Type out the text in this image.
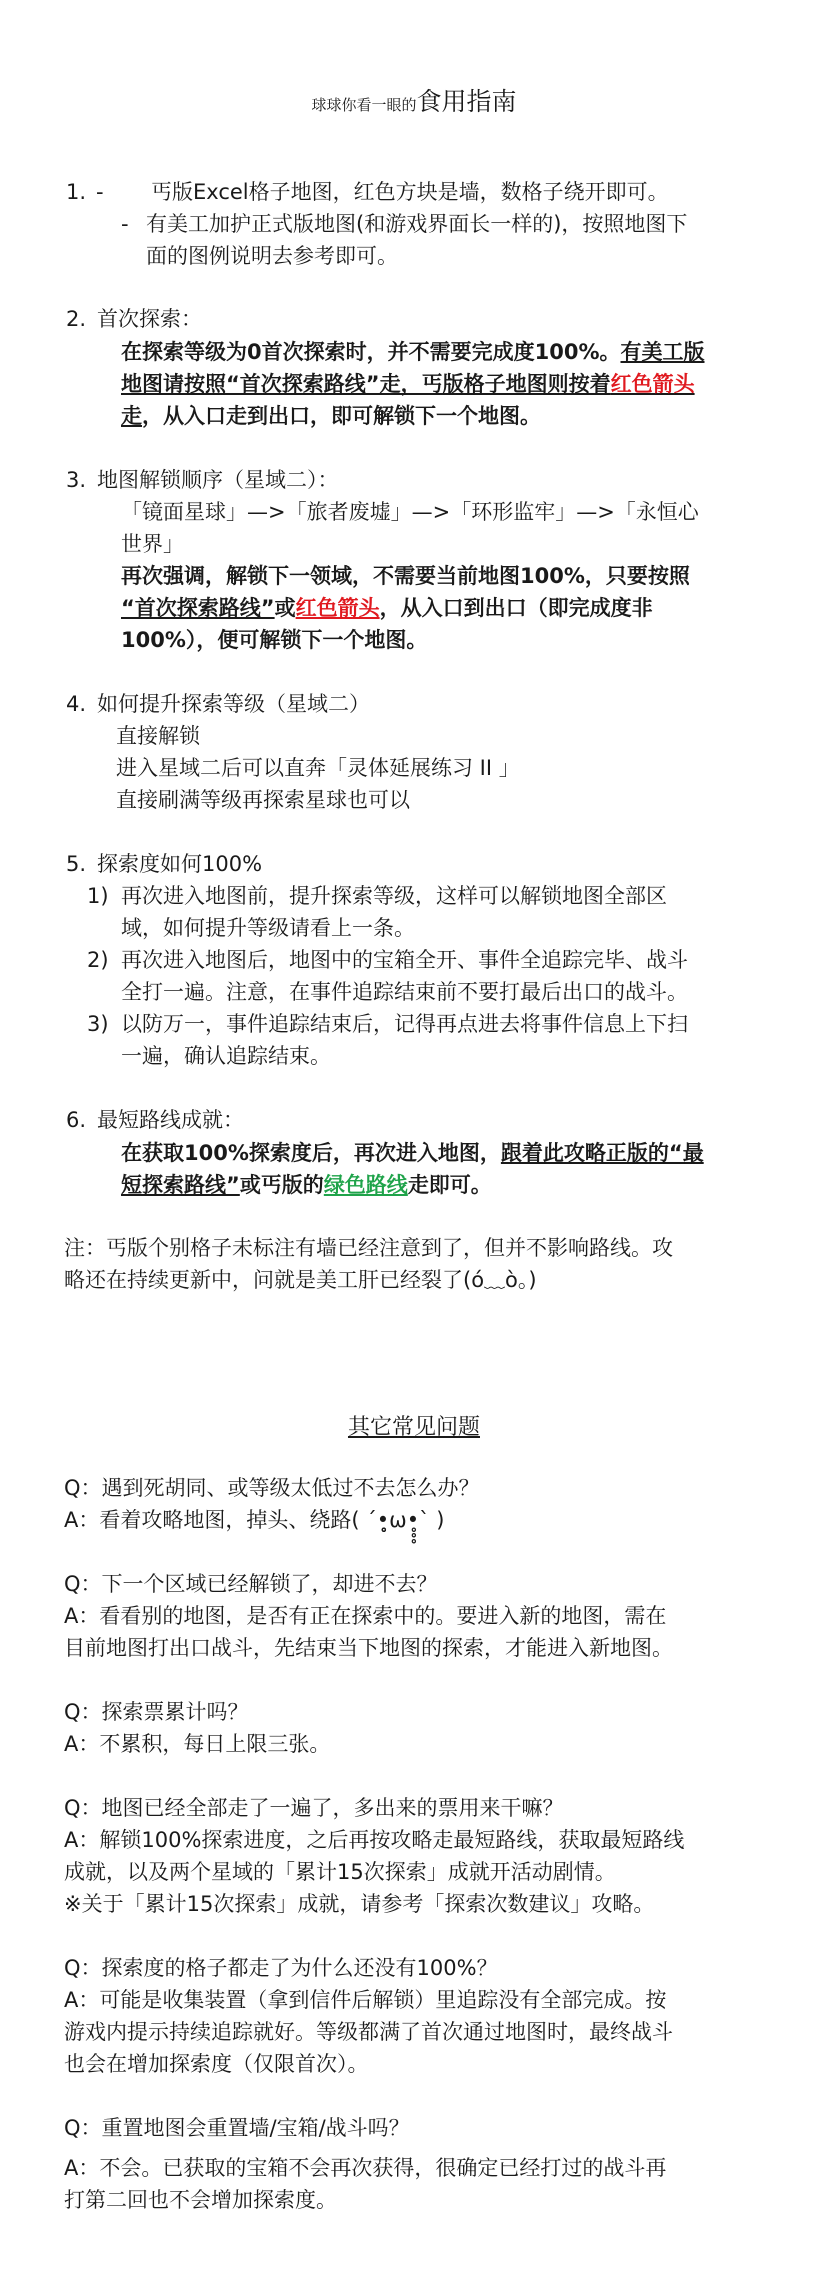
球球你看一眼的食用指南
1. - 丐版Excel格子地图，红色方块是墙，数格子绕开即可。
- 有美工加护正式版地图(和游戏界面长一样的)，按照地图下
面的图例说明去参考即可。
2. 首次探索：
在探索等级为0首次探索时，并不需要完成度100%。有美工版
地图请按照“首次探索路线”走，丐版格子地图则按着红色箭头
走，从入口走到出口，即可解锁下一个地图。
3. 地图解锁顺序（星域二）：
「镜面星球」—>「旅者废墟」—>「环形监牢」—>「永恒心
世界」
再次强调，解锁下一领域，不需要当前地图100%，只要按照
“首次探索路线”或红色箭头，从入口到出口（即完成度非
100%），便可解锁下一个地图。
4. 如何提升探索等级（星域二）
直接解锁
进入星域二后可以直奔「灵体延展练习 II 」
直接刷满等级再探索星球也可以
5. 探索度如何100%
1) 再次进入地图前，提升探索等级，这样可以解锁地图全部区
域，如何提升等级请看上一条。
2) 再次进入地图后，地图中的宝箱全开、事件全追踪完毕、战斗
全打一遍。注意，在事件追踪结束前不要打最后出口的战斗。
3) 以防万一，事件追踪结束后，记得再点进去将事件信息上下扫
一遍，确认追踪结束。
6. 最短路线成就：
在获取100%探索度后，再次进入地图，跟着此攻略正版的“最
短探索路线”或丐版的绿色路线走即可。
注：丐版个别格子未标注有墙已经注意到了，但并不影响路线。攻
略还在持续更新中，问就是美工肝已经裂了(ó﹏ò｡)
其它常见问题
Q：遇到死胡同、或等级太低过不去怎么办？
A：看着攻略地图，掉头、绕路( ´•̥̥̥ω•̥̥̥` )
Q：下一个区域已经解锁了，却进不去？
A：看看别的地图，是否有正在探索中的。要进入新的地图，需在
目前地图打出口战斗，先结束当下地图的探索，才能进入新地图。
Q：探索票累计吗？
A：不累积，每日上限三张。
Q：地图已经全部走了一遍了，多出来的票用来干嘛？
A：解锁100%探索进度，之后再按攻略走最短路线，获取最短路线
成就，以及两个星域的「累计15次探索」成就开活动剧情。
※关于「累计15次探索」成就，请参考「探索次数建议」攻略。
Q：探索度的格子都走了为什么还没有100%？
A：可能是收集装置（拿到信件后解锁）里追踪没有全部完成。按
游戏内提示持续追踪就好。等级都满了首次通过地图时，最终战斗
也会在增加探索度（仅限首次）。
Q：重置地图会重置墙/宝箱/战斗吗？
A：不会。已获取的宝箱不会再次获得，很确定已经打过的战斗再
打第二回也不会增加探索度。
